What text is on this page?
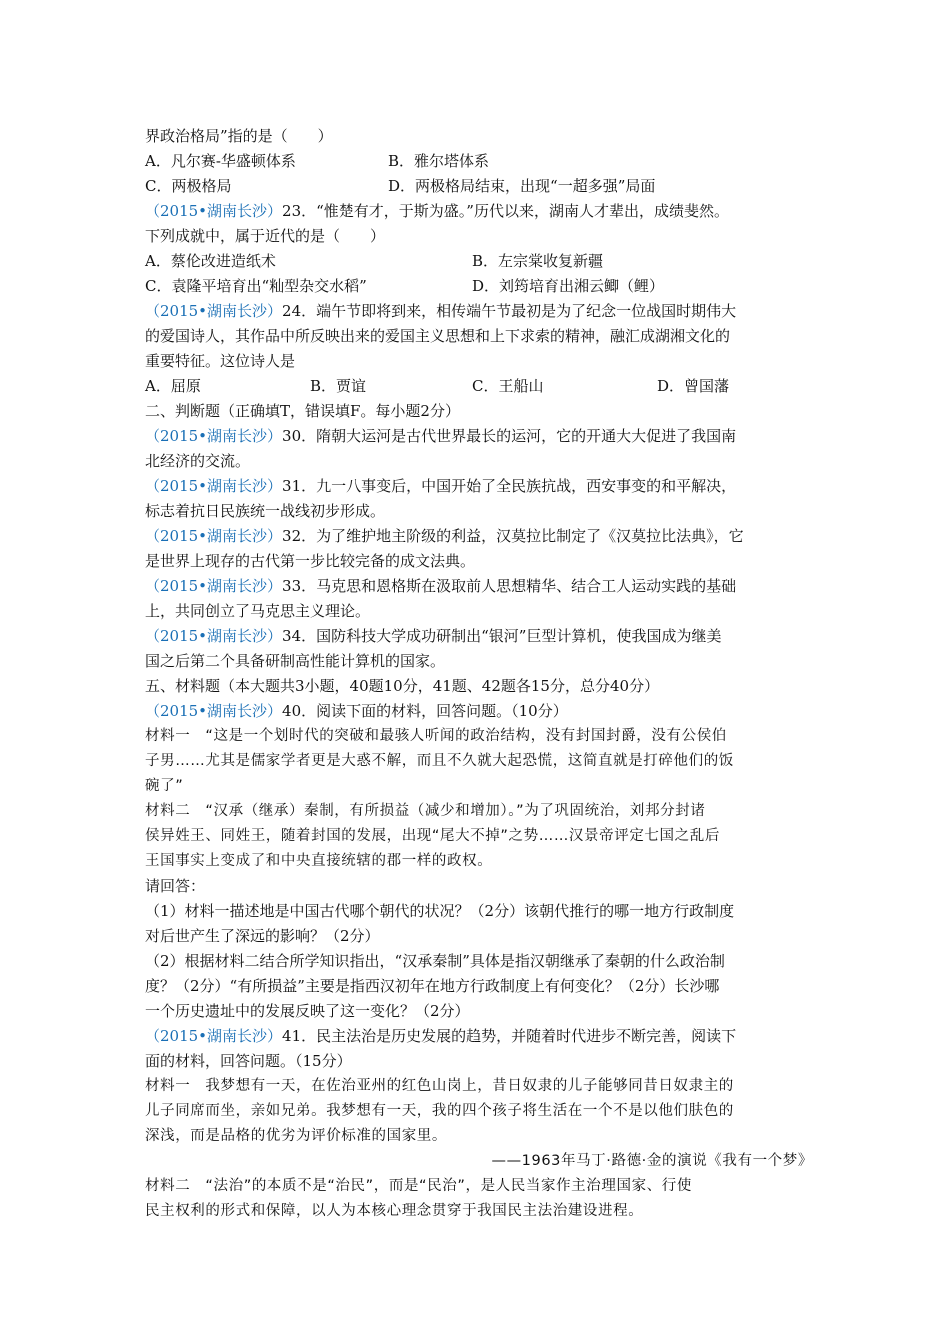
界政治格局”指的是（　　）
A．凡尔赛-华盛顿体系	B．雅尔塔体系
C．两极格局	D．两极格局结束，出现“一超多强”局面
（2015•湖南长沙）23．“惟楚有才，于斯为盛。”历代以来，湖南人才辈出，成绩斐然。
下列成就中，属于近代的是（　　）
A．蔡伦改进造纸术	B．左宗棠收复新疆
C．袁隆平培育出“籼型杂交水稻”	D．刘筠培育出湘云鲫（鲤）
（2015•湖南长沙）24．端午节即将到来，相传端午节最初是为了纪念一位战国时期伟大
的爱国诗人，其作品中所反映出来的爱国主义思想和上下求索的精神，融汇成湖湘文化的
重要特征。这位诗人是
A．屈原	B．贾谊	C．王船山	D．曾国藩
二、判断题（正确填T，错误填F。每小题2分）
（2015•湖南长沙）30．隋朝大运河是古代世界最长的运河，它的开通大大促进了我国南
北经济的交流。
（2015•湖南长沙）31．九一八事变后，中国开始了全民族抗战，西安事变的和平解决，
标志着抗日民族统一战线初步形成。
（2015•湖南长沙）32．为了维护地主阶级的利益，汉莫拉比制定了《汉莫拉比法典》，它
是世界上现存的古代第一步比较完备的成文法典。
（2015•湖南长沙）33．马克思和恩格斯在汲取前人思想精华、结合工人运动实践的基础
上，共同创立了马克思主义理论。
（2015•湖南长沙）34．国防科技大学成功研制出“银河”巨型计算机，使我国成为继美
国之后第二个具备研制高性能计算机的国家。
五、材料题（本大题共3小题，40题10分，41题、42题各15分，总分40分）
（2015•湖南长沙）40．阅读下面的材料，回答问题。（10分）
材料一　“这是一个划时代的突破和最骇人听闻的政治结构，没有封国封爵，没有公侯伯
子男……尤其是儒家学者更是大惑不解，而且不久就大起恐慌，这简直就是打碎他们的饭
碗了”
材料二　“汉承（继承）秦制，有所损益（减少和增加）。”为了巩固统治，刘邦分封诸
侯异姓王、同姓王，随着封国的发展，出现“尾大不掉”之势……汉景帝评定七国之乱后
王国事实上变成了和中央直接统辖的郡一样的政权。
请回答：
（1）材料一描述地是中国古代哪个朝代的状况？（2分）该朝代推行的哪一地方行政制度
对后世产生了深远的影响？（2分）
（2）根据材料二结合所学知识指出，“汉承秦制”具体是指汉朝继承了秦朝的什么政治制
度？（2分）“有所损益”主要是指西汉初年在地方行政制度上有何变化？（2分）长沙哪
一个历史遗址中的发展反映了这一变化？（2分）
（2015•湖南长沙）41．民主法治是历史发展的趋势，并随着时代进步不断完善，阅读下
面的材料，回答问题。（15分）
材料一　我梦想有一天，在佐治亚州的红色山岗上，昔日奴隶的儿子能够同昔日奴隶主的
儿子同席而坐，亲如兄弟。我梦想有一天，我的四个孩子将生活在一个不是以他们肤色的
深浅，而是品格的优劣为评价标准的国家里。
——1963年马丁·路德·金的演说《我有一个梦》
材料二　“法治”的本质不是“治民”，而是“民治”，是人民当家作主治理国家、行使
民主权利的形式和保障，以人为本核心理念贯穿于我国民主法治建设进程。
